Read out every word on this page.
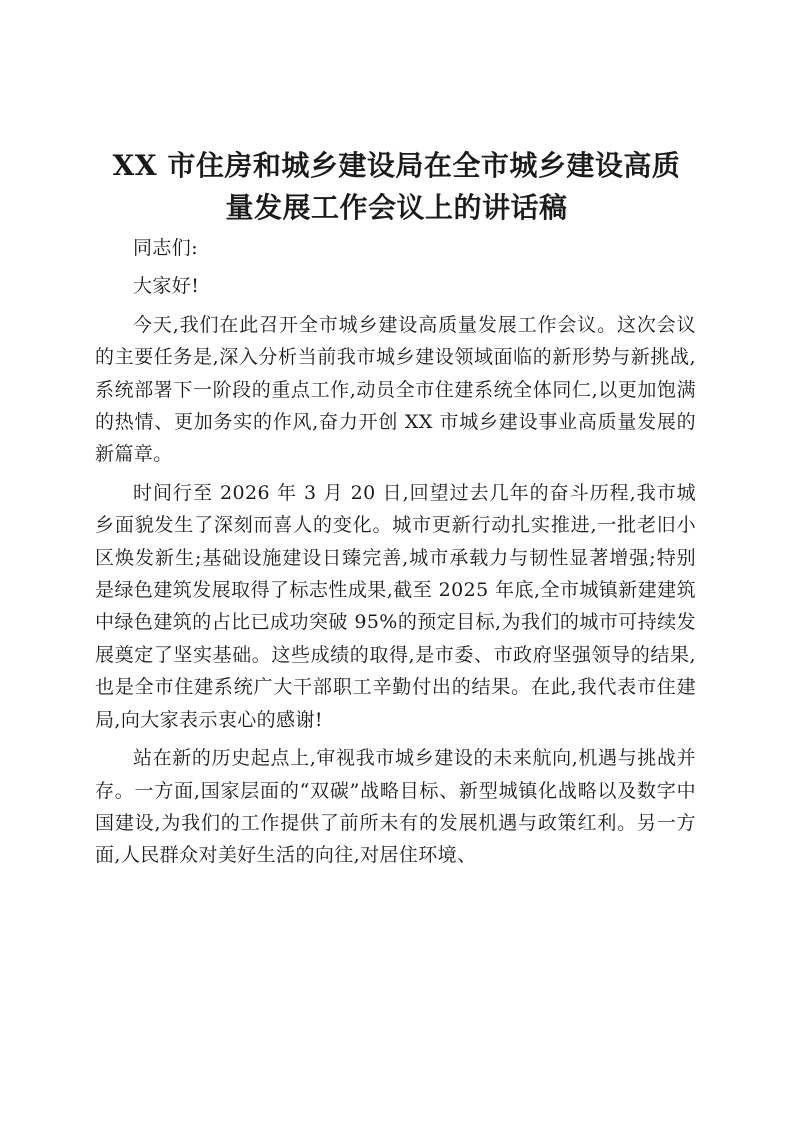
XX 市住房和城乡建设局在全市城乡建设高质
量发展工作会议上的讲话稿

同志们:

大家好!

今天,我们在此召开全市城乡建设高质量发展工作会议。这次会议的主要任务是,深入分析当前我市城乡建设领域面临的新形势与新挑战,系统部署下一阶段的重点工作,动员全市住建系统全体同仁,以更加饱满的热情、更加务实的作风,奋力开创 XX 市城乡建设事业高质量发展的新篇章。

时间行至 2026 年 3 月 20 日,回望过去几年的奋斗历程,我市城乡面貌发生了深刻而喜人的变化。城市更新行动扎实推进,一批老旧小区焕发新生;基础设施建设日臻完善,城市承载力与韧性显著增强;特别是绿色建筑发展取得了标志性成果,截至 2025 年底,全市城镇新建建筑中绿色建筑的占比已成功突破 95%的预定目标,为我们的城市可持续发展奠定了坚实基础。这些成绩的取得,是市委、市政府坚强领导的结果,也是全市住建系统广大干部职工辛勤付出的结果。在此,我代表市住建局,向大家表示衷心的感谢!

站在新的历史起点上,审视我市城乡建设的未来航向,机遇与挑战并存。一方面,国家层面的“双碳”战略目标、新型城镇化战略以及数字中国建设,为我们的工作提供了前所未有的发展机遇与政策红利。另一方面,人民群众对美好生活的向往,对居住环境、
